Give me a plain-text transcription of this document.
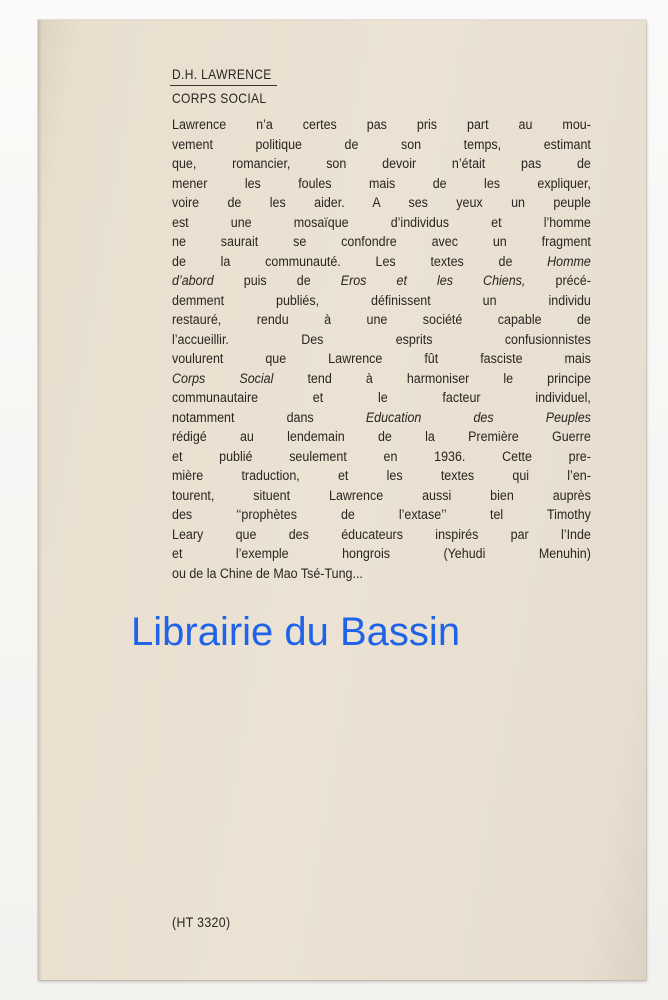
D.H. LAWRENCE
CORPS SOCIAL
Lawrence n’a certes pas pris part au mou-
vement politique de son temps, estimant
que, romancier, son devoir n’était pas de
mener les foules mais de les expliquer,
voire de les aider. A ses yeux un peuple
est une mosaïque d’individus et l’homme
ne saurait se confondre avec un fragment
de la communauté. Les textes de Homme
d’abord puis de Eros et les Chiens, précé-
demment publiés, définissent un individu
restauré, rendu à une société capable de
l’accueillir. Des esprits confusionnistes
voulurent que Lawrence fût fasciste mais
Corps Social tend à harmoniser le principe
communautaire et le facteur individuel,
notamment dans Education des Peuples
rédigé au lendemain de la Première Guerre
et publié seulement en 1936. Cette pre-
mière traduction, et les textes qui l’en-
tourent, situent Lawrence aussi bien auprès
des ‘‘prophètes de l’extase’’ tel Timothy
Leary que des éducateurs inspirés par l’Inde
et l’exemple hongrois (Yehudi Menuhin)
ou de la Chine de Mao Tsé-Tung...
Librairie du Bassin
(HT 3320)
